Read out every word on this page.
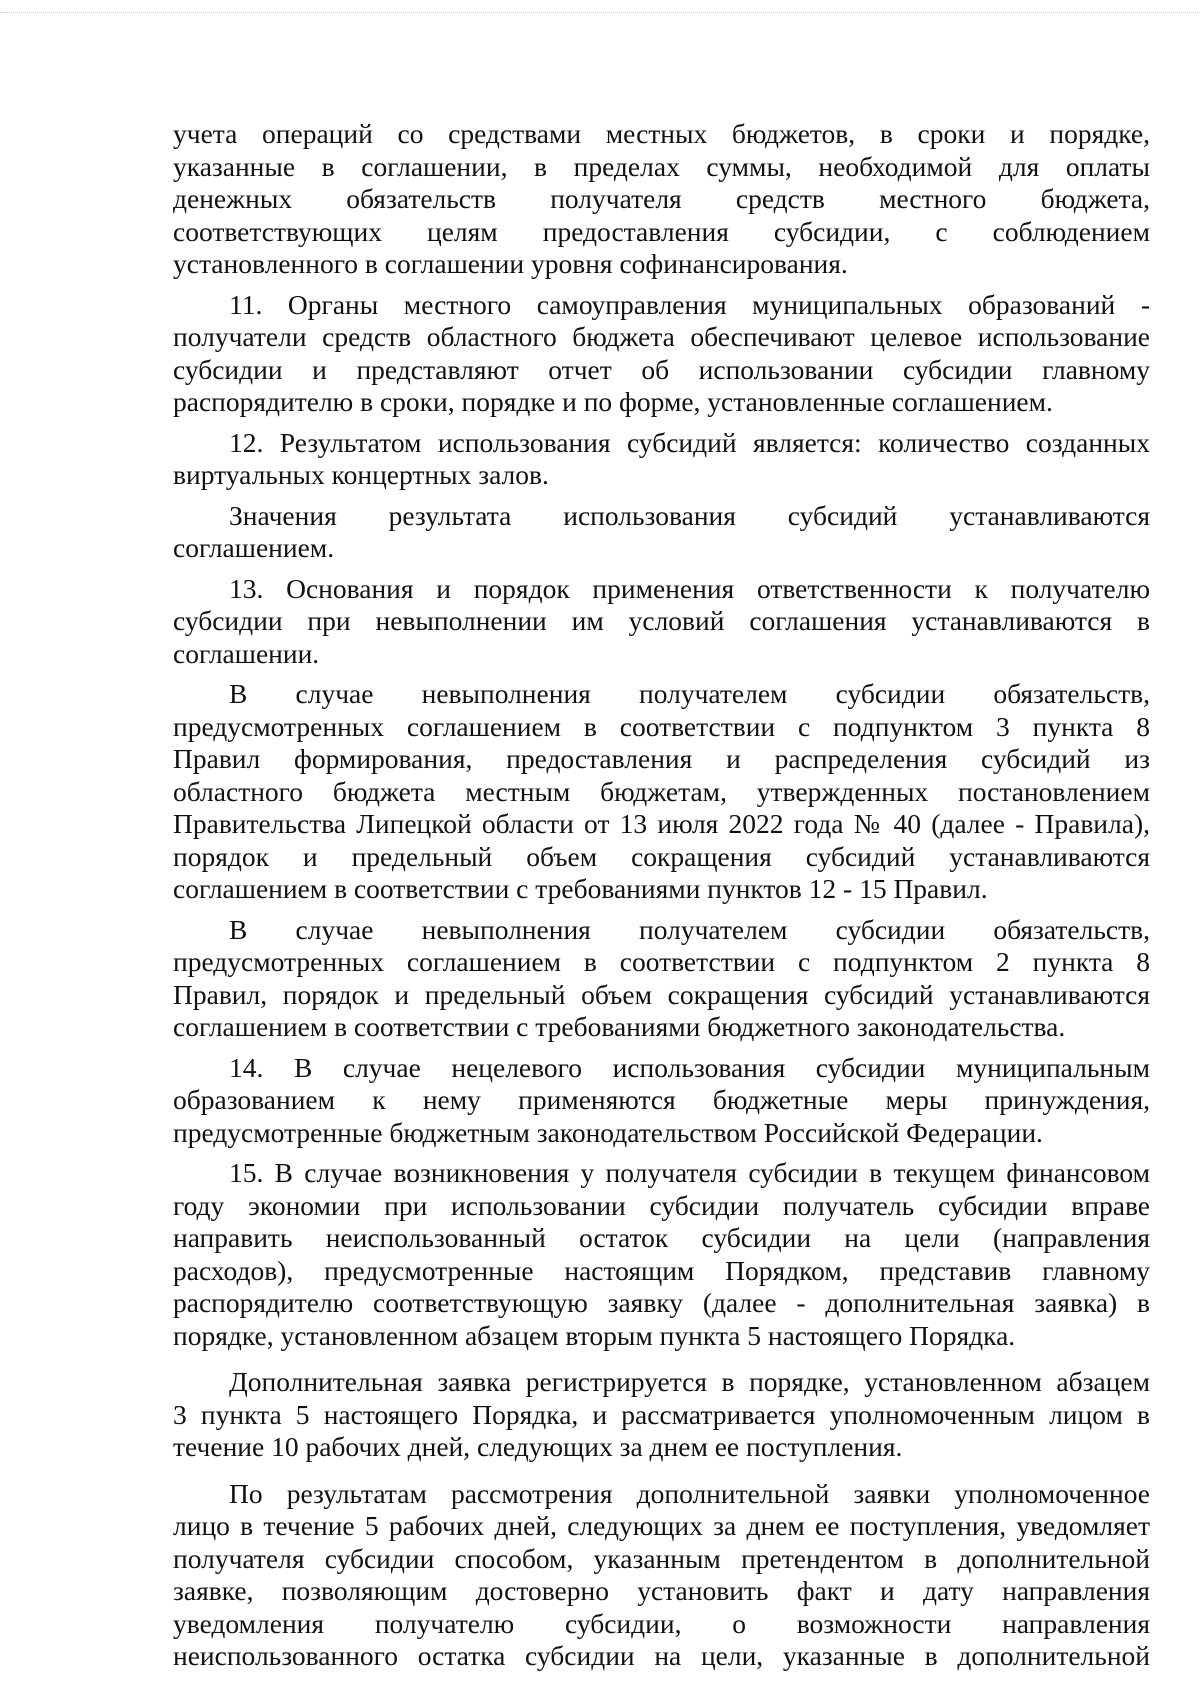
учета операций со средствами местных бюджетов, в сроки и порядке,
указанные в соглашении, в пределах суммы, необходимой для оплаты
денежных обязательств получателя средств местного бюджета,
соответствующих целям предоставления субсидии, с соблюдением
установленного в соглашении уровня софинансирования.

11. Органы местного самоуправления муниципальных образований -
получатели средств областного бюджета обеспечивают целевое использование
субсидии и представляют отчет об использовании субсидии главному
распорядителю в сроки, порядке и по форме, установленные соглашением.

12. Результатом использования субсидий является: количество созданных
виртуальных концертных залов.

Значения результата использования субсидий устанавливаются
соглашением.

13. Основания и порядок применения ответственности к получателю
субсидии при невыполнении им условий соглашения устанавливаются в
соглашении.

В случае невыполнения получателем субсидии обязательств,
предусмотренных соглашением в соответствии с подпунктом 3 пункта 8
Правил формирования, предоставления и распределения субсидий из
областного бюджета местным бюджетам, утвержденных постановлением
Правительства Липецкой области от 13 июля 2022 года № 40 (далее - Правила),
порядок и предельный объем сокращения субсидий устанавливаются
соглашением в соответствии с требованиями пунктов 12 - 15 Правил.

В случае невыполнения получателем субсидии обязательств,
предусмотренных соглашением в соответствии с подпунктом 2 пункта 8
Правил, порядок и предельный объем сокращения субсидий устанавливаются
соглашением в соответствии с требованиями бюджетного законодательства.

14. В случае нецелевого использования субсидии муниципальным
образованием к нему применяются бюджетные меры принуждения,
предусмотренные бюджетным законодательством Российской Федерации.

15. В случае возникновения у получателя субсидии в текущем финансовом
году экономии при использовании субсидии получатель субсидии вправе
направить неиспользованный остаток субсидии на цели (направления
расходов), предусмотренные настоящим Порядком, представив главному
распорядителю соответствующую заявку (далее - дополнительная заявка) в
порядке, установленном абзацем вторым пункта 5 настоящего Порядка.

Дополнительная заявка регистрируется в порядке, установленном абзацем
3 пункта 5 настоящего Порядка, и рассматривается уполномоченным лицом в
течение 10 рабочих дней, следующих за днем ее поступления.

По результатам рассмотрения дополнительной заявки уполномоченное
лицо в течение 5 рабочих дней, следующих за днем ее поступления, уведомляет
получателя субсидии способом, указанным претендентом в дополнительной
заявке, позволяющим достоверно установить факт и дату направления
уведомления получателю субсидии, о возможности направления
неиспользованного остатка субсидии на цели, указанные в дополнительной
